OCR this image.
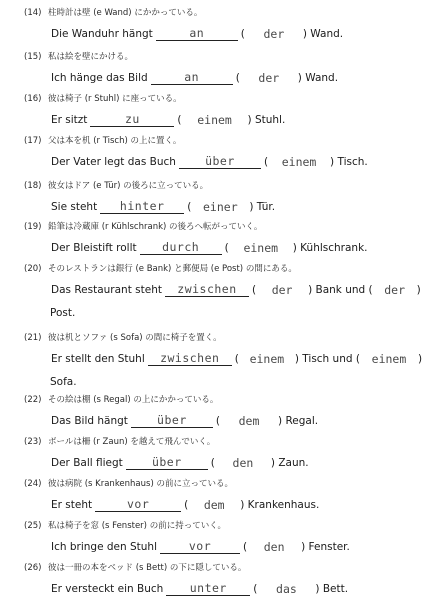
(14) 柱時計は壁 (e Wand) にかかっている。
Die Wanduhr hängt	an	(	der	) Wand.
(15) 私は絵を壁にかける。
Ich hänge das Bild	an	(	der	) Wand.
(16) 彼は椅子 (r Stuhl) に座っている。
Er sitzt	zu	(	einem	) Stuhl.
(17) 父は本を机 (r Tisch) の上に置く。
Der Vater legt das Buch	über	(	einem	) Tisch.
(18) 彼女はドア (e Tür) の後ろに立っている。
Sie steht	hinter	(	einer	) Tür.
(19) 鉛筆は冷蔵庫 (r Kühlschrank) の後ろへ転がっていく。
Der Bleistift rollt	durch	(	einem	) Kühlschrank.
(20) そのレストランは銀行 (e Bank) と郵便局 (e Post) の間にある。
Das Restaurant steht	zwischen	(	der	) Bank und (	der	)
Post.
(21) 彼は机とソファ (s Sofa) の間に椅子を置く。
Er stellt den Stuhl	zwischen	( einem	) Tisch und (	einem	)
Sofa.
(22) その絵は棚 (s Regal) の上にかかっている。
Das Bild hängt	über	(	dem	) Regal.
(23) ボールは柵 (r Zaun) を越えて飛んでいく。
Der Ball fliegt	über	(	den	) Zaun.
(24) 彼は病院 (s Krankenhaus) の前に立っている。
Er steht	vor	(	dem	) Krankenhaus.
(25) 私は椅子を窓 (s Fenster) の前に持っていく。
Ich bringe den Stuhl	vor	(	den	) Fenster.
(26) 彼は一冊の本をベッド (s Bett) の下に隠している。
Er versteckt ein Buch	unter	(	das	) Bett.
